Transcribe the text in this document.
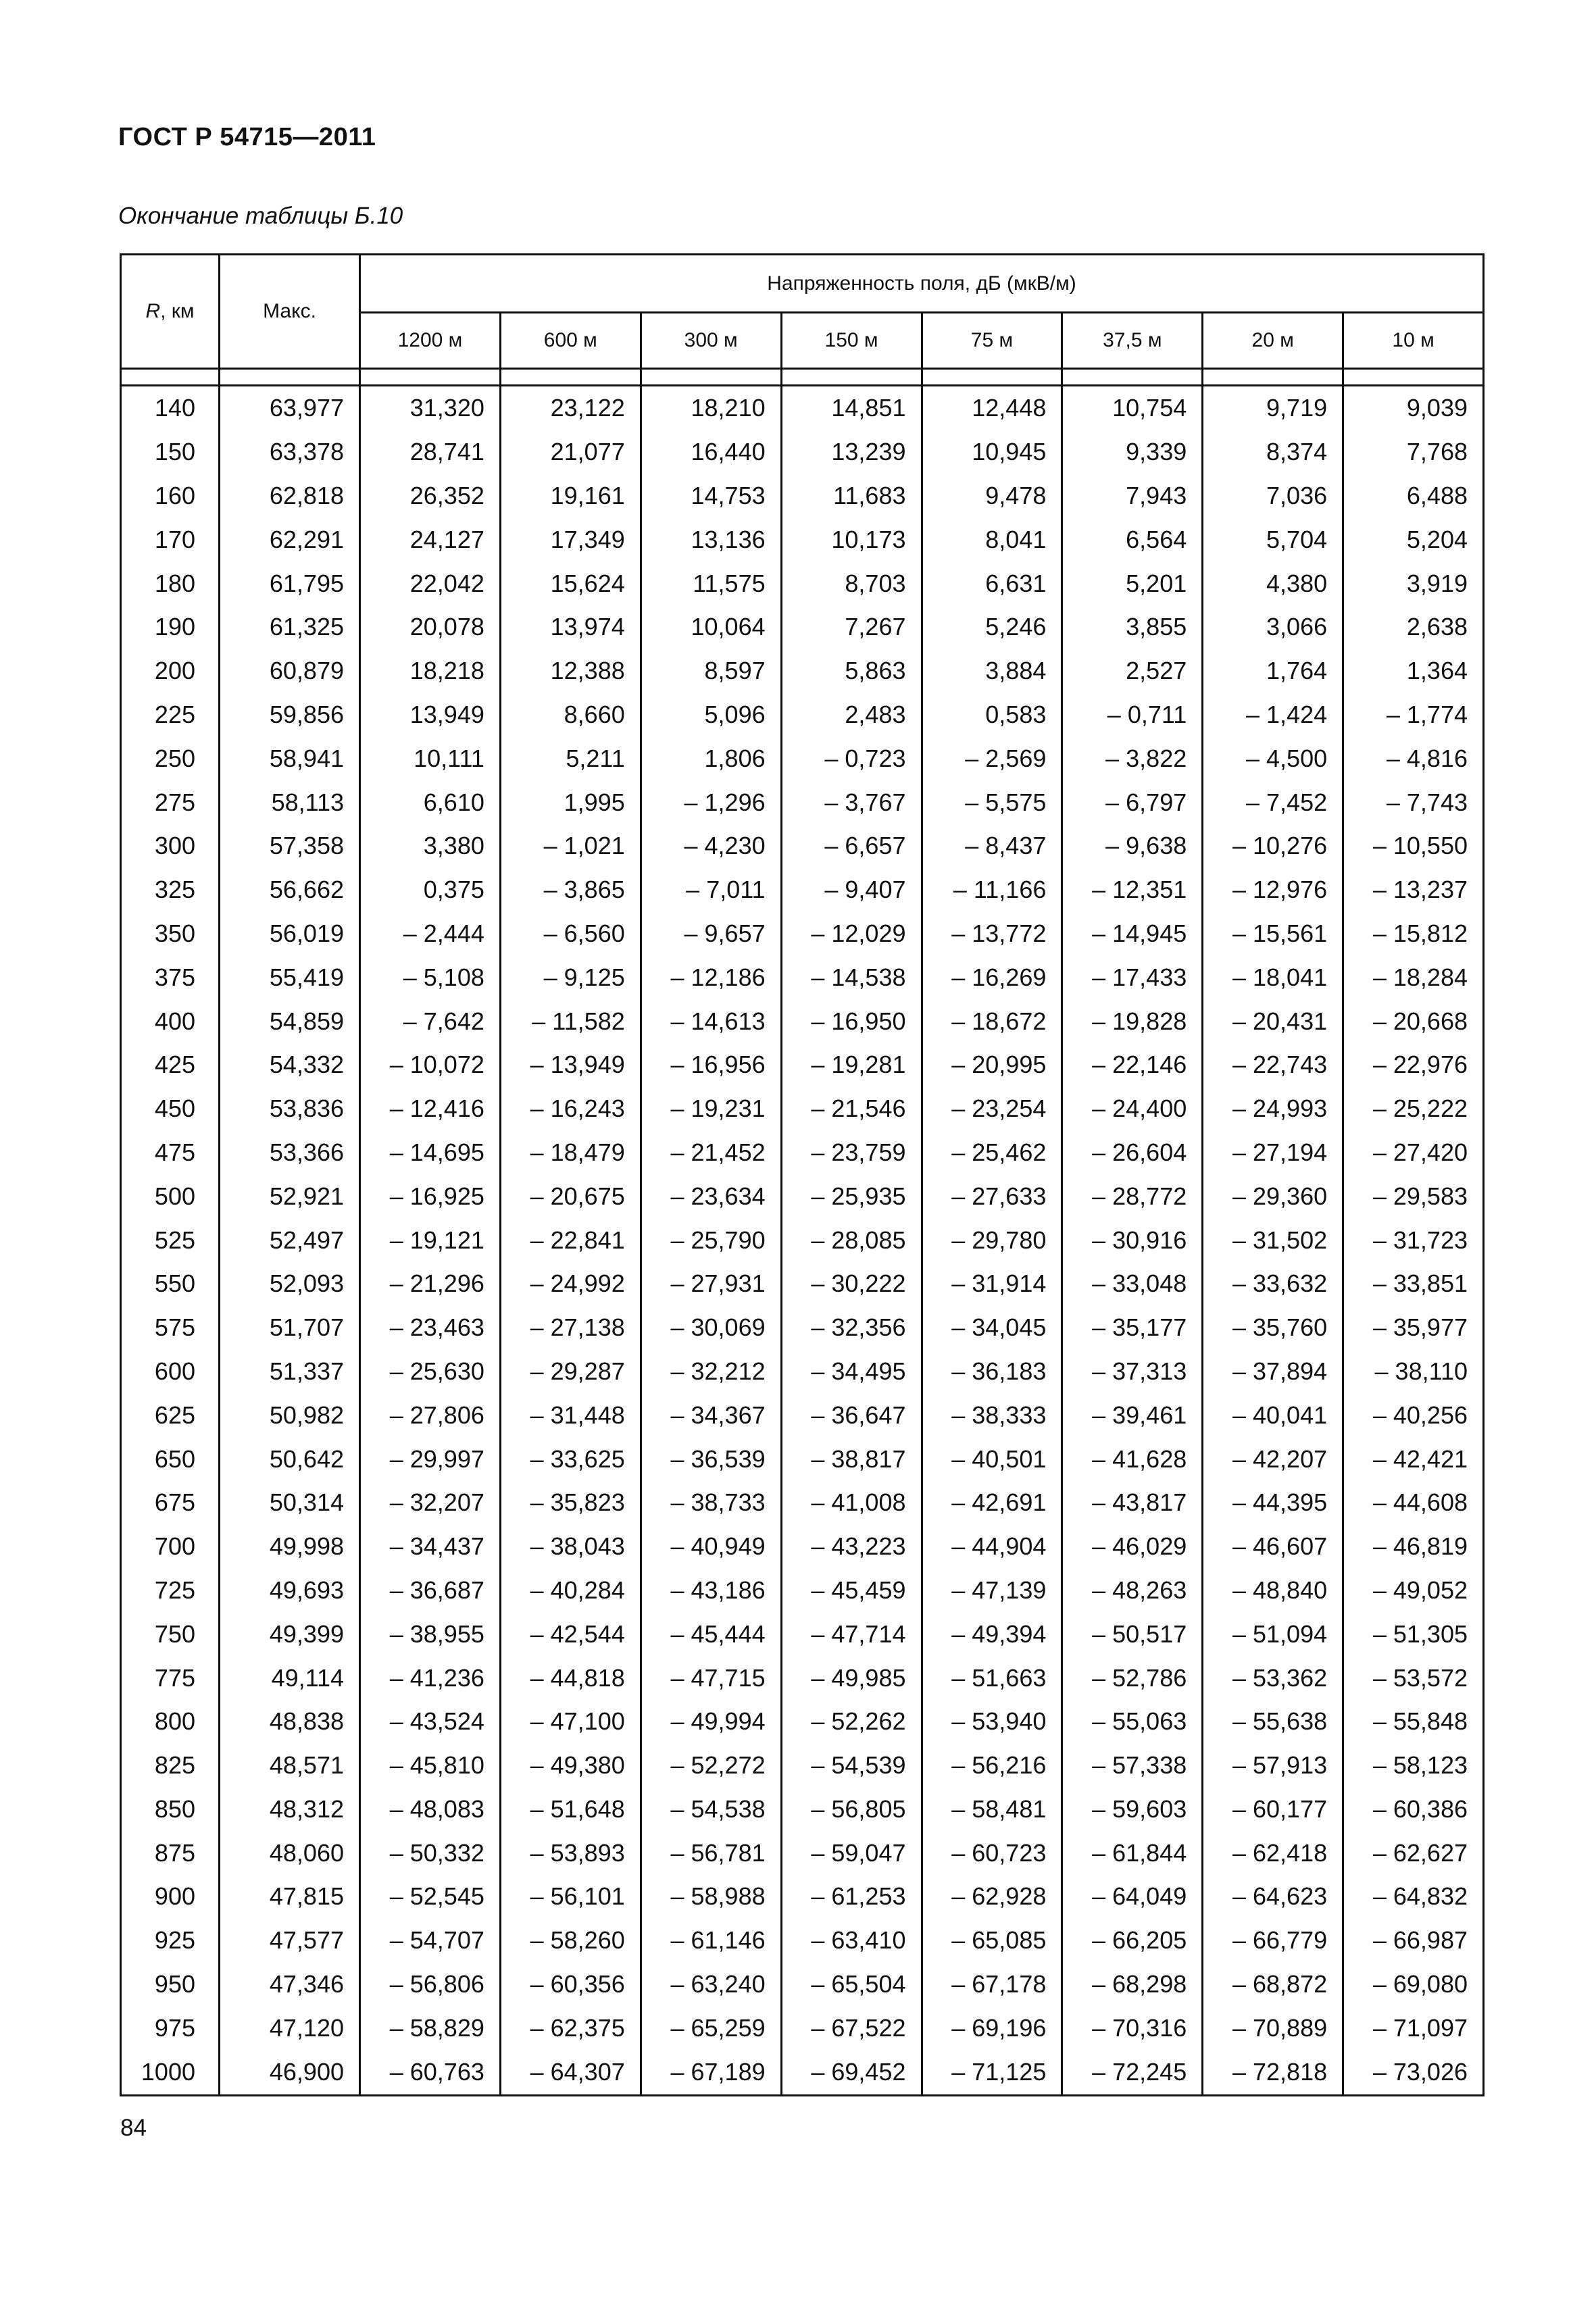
ГОСТ Р 54715—2011
Окончание таблицы Б.10
R, км	Макс.	Напряженность поля, дБ (мкВ/м)							
		1200 м	600 м	300 м	150 м	75 м	37,5 м	20 м	10 м

140	63,977	31,320	23,122	18,210	14,851	12,448	10,754	9,719	9,039
150	63,378	28,741	21,077	16,440	13,239	10,945	9,339	8,374	7,768
160	62,818	26,352	19,161	14,753	11,683	9,478	7,943	7,036	6,488
170	62,291	24,127	17,349	13,136	10,173	8,041	6,564	5,704	5,204
180	61,795	22,042	15,624	11,575	8,703	6,631	5,201	4,380	3,919
190	61,325	20,078	13,974	10,064	7,267	5,246	3,855	3,066	2,638
200	60,879	18,218	12,388	8,597	5,863	3,884	2,527	1,764	1,364
225	59,856	13,949	8,660	5,096	2,483	0,583	– 0,711	– 1,424	– 1,774
250	58,941	10,111	5,211	1,806	– 0,723	– 2,569	– 3,822	– 4,500	– 4,816
275	58,113	6,610	1,995	– 1,296	– 3,767	– 5,575	– 6,797	– 7,452	– 7,743
300	57,358	3,380	– 1,021	– 4,230	– 6,657	– 8,437	– 9,638	– 10,276	– 10,550
325	56,662	0,375	– 3,865	– 7,011	– 9,407	– 11,166	– 12,351	– 12,976	– 13,237
350	56,019	– 2,444	– 6,560	– 9,657	– 12,029	– 13,772	– 14,945	– 15,561	– 15,812
375	55,419	– 5,108	– 9,125	– 12,186	– 14,538	– 16,269	– 17,433	– 18,041	– 18,284
400	54,859	– 7,642	– 11,582	– 14,613	– 16,950	– 18,672	– 19,828	– 20,431	– 20,668
425	54,332	– 10,072	– 13,949	– 16,956	– 19,281	– 20,995	– 22,146	– 22,743	– 22,976
450	53,836	– 12,416	– 16,243	– 19,231	– 21,546	– 23,254	– 24,400	– 24,993	– 25,222
475	53,366	– 14,695	– 18,479	– 21,452	– 23,759	– 25,462	– 26,604	– 27,194	– 27,420
500	52,921	– 16,925	– 20,675	– 23,634	– 25,935	– 27,633	– 28,772	– 29,360	– 29,583
525	52,497	– 19,121	– 22,841	– 25,790	– 28,085	– 29,780	– 30,916	– 31,502	– 31,723
550	52,093	– 21,296	– 24,992	– 27,931	– 30,222	– 31,914	– 33,048	– 33,632	– 33,851
575	51,707	– 23,463	– 27,138	– 30,069	– 32,356	– 34,045	– 35,177	– 35,760	– 35,977
600	51,337	– 25,630	– 29,287	– 32,212	– 34,495	– 36,183	– 37,313	– 37,894	– 38,110
625	50,982	– 27,806	– 31,448	– 34,367	– 36,647	– 38,333	– 39,461	– 40,041	– 40,256
650	50,642	– 29,997	– 33,625	– 36,539	– 38,817	– 40,501	– 41,628	– 42,207	– 42,421
675	50,314	– 32,207	– 35,823	– 38,733	– 41,008	– 42,691	– 43,817	– 44,395	– 44,608
700	49,998	– 34,437	– 38,043	– 40,949	– 43,223	– 44,904	– 46,029	– 46,607	– 46,819
725	49,693	– 36,687	– 40,284	– 43,186	– 45,459	– 47,139	– 48,263	– 48,840	– 49,052
750	49,399	– 38,955	– 42,544	– 45,444	– 47,714	– 49,394	– 50,517	– 51,094	– 51,305
775	49,114	– 41,236	– 44,818	– 47,715	– 49,985	– 51,663	– 52,786	– 53,362	– 53,572
800	48,838	– 43,524	– 47,100	– 49,994	– 52,262	– 53,940	– 55,063	– 55,638	– 55,848
825	48,571	– 45,810	– 49,380	– 52,272	– 54,539	– 56,216	– 57,338	– 57,913	– 58,123
850	48,312	– 48,083	– 51,648	– 54,538	– 56,805	– 58,481	– 59,603	– 60,177	– 60,386
875	48,060	– 50,332	– 53,893	– 56,781	– 59,047	– 60,723	– 61,844	– 62,418	– 62,627
900	47,815	– 52,545	– 56,101	– 58,988	– 61,253	– 62,928	– 64,049	– 64,623	– 64,832
925	47,577	– 54,707	– 58,260	– 61,146	– 63,410	– 65,085	– 66,205	– 66,779	– 66,987
950	47,346	– 56,806	– 60,356	– 63,240	– 65,504	– 67,178	– 68,298	– 68,872	– 69,080
975	47,120	– 58,829	– 62,375	– 65,259	– 67,522	– 69,196	– 70,316	– 70,889	– 71,097
1000	46,900	– 60,763	– 64,307	– 67,189	– 69,452	– 71,125	– 72,245	– 72,818	– 73,026
84
